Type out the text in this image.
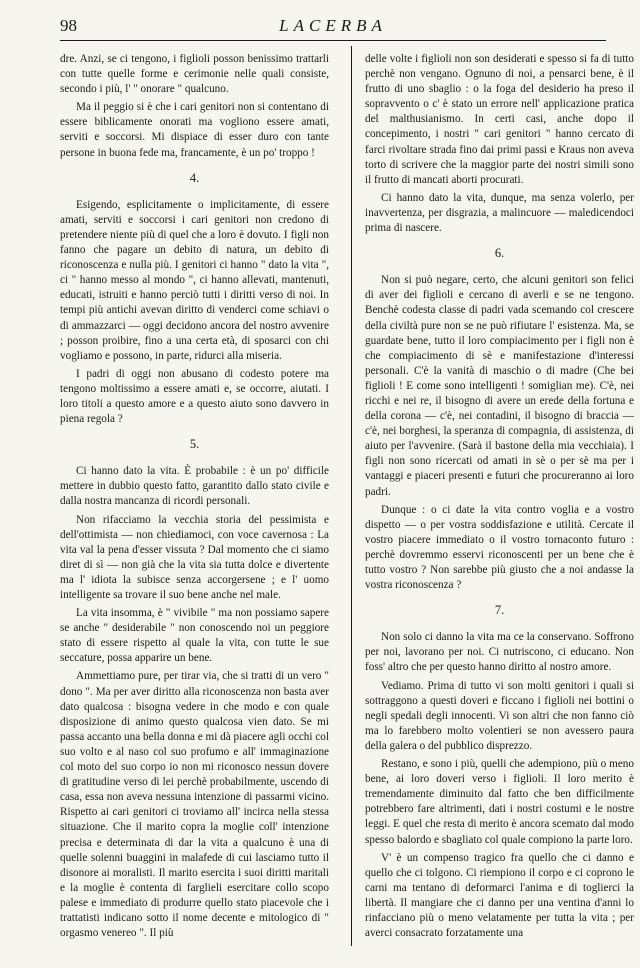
98	LACERBA

dre. Anzi, se ci tengono, i figlioli posson benissimo trattarli con tutte quelle forme e cerimonie nelle quali consiste, secondo i più, l' " onorare " qualcuno.

Ma il peggio si è che i cari genitori non si contentano di essere biblicamente onorati ma vogliono essere amati, serviti e soccorsi. Mi dispiace di esser duro con tante persone in buona fede ma, francamente, è un po' troppo !

4.

Esigendo, esplicitamente o implicitamente, di essere amati, serviti e soccorsi i cari genitori non credono di pretendere niente più di quel che a loro è dovuto. I figli non fanno che pagare un debito di natura, un debito di riconoscenza e nulla più. I genitori ci hanno " dato la vita ", ci " hanno messo al mondo ", ci hanno allevati, mantenuti, educati, istruiti e hanno perciò tutti i diritti verso di noi. In tempi più antichi avevan diritto di venderci come schiavi o di ammazzarci — oggi decidono ancora del nostro avvenire ; posson proibire, fino a una certa età, di sposarci con chi vogliamo e possono, in parte, ridurci alla miseria.

I padri di oggi non abusano di codesto potere ma tengono moltissimo a essere amati e, se occorre, aiutati. I loro titoli a questo amore e a questo aiuto sono davvero in piena regola ?

5.

Ci hanno dato la vita. È probabile : è un po' difficile mettere in dubbio questo fatto, garantito dallo stato civile e dalla nostra mancanza di ricordi personali.

Non rifacciamo la vecchia storia del pessimista e dell'ottimista — non chiediamoci, con voce cavernosa : La vita val la pena d'esser vissuta ? Dal momento che ci siamo diret di sì — non già che la vita sia tutta dolce e divertente ma l' idiota la subisce senza accorgersene ; e l' uomo intelligente sa trovare il suo bene anche nel male.

La vita insomma, è " vivibile " ma non possiamo sapere se anche " desiderabile " non conoscendo noi un peggiore stato di essere rispetto al quale la vita, con tutte le sue seccature, possa apparire un bene.

Ammettiamo pure, per tirar via, che si tratti di un vero " dono ". Ma per aver diritto alla riconoscenza non basta aver dato qualcosa : bisogna vedere in che modo e con quale disposizione di animo questo qualcosa vien dato. Se mi passa accanto una bella donna e mi dà piacere agli occhi col suo volto e al naso col suo profumo e all' immaginazione col moto del suo corpo io non mi riconosco nessun dovere di gratitudine verso di lei perchè probabilmente, uscendo di casa, essa non aveva nessuna intenzione di passarmi vicino. Rispetto ai cari genitori ci troviamo all' incirca nella stessa situazione. Che il marito copra la moglie coll' intenzione precisa e determinata di dar la vita a qualcuno è una di quelle solenni buaggini in malafede di cui lasciamo tutto il disonore ai moralisti. Il marito esercita i suoi diritti maritali e la moglie è contenta di farglieli esercitare collo scopo palese e immediato di produrre quello stato piacevole che i trattatisti indicano sotto il nome decente e mitologico di " orgasmo venereo ". Il più

delle volte i figlioli non son desiderati e spesso si fa di tutto perchè non vengano. Ognuno di noi, a pensarci bene, è il frutto di uno sbaglio : o la foga del desiderio ha preso il sopravvento o c' è stato un errore nell' applicazione pratica del malthusianismo. In certi casi, anche dopo il concepimento, i nostri " cari genitori " hanno cercato di farci rivoltare strada fino dai primi passi e Kraus non aveva torto di scrivere che la maggior parte dei nostri simili sono il frutto di mancati aborti procurati.

Ci hanno dato la vita, dunque, ma senza volerlo, per inavvertenza, per disgrazia, a malincuore — maledicendoci prima di nascere.

6.

Non si può negare, certo, che alcuni genitori son felici di aver dei figlioli e cercano di averli e se ne tengono. Benchè codesta classe di padri vada scemando col crescere della civiltà pure non se ne può rifiutare l' esistenza. Ma, se guardate bene, tutto il loro compiacimento per i figli non è che compiacimento di sè e manifestazione d'interessi personali. C'è la vanità di maschio o di madre (Che bei figlioli ! E come sono intelligenti ! somiglian me). C'è, nei ricchi e nei re, il bisogno di avere un erede della fortuna e della corona — c'è, nei contadini, il bisogno di braccia — c'è, nei borghesi, la speranza di compagnia, di assistenza, di aiuto per l'avvenire. (Sarà il bastone della mia vecchiaia). I figli non sono ricercati od amati in sè o per sè ma per i vantaggi e piaceri presenti e futuri che procureranno ai loro padri.

Dunque : o ci date la vita contro voglia e a vostro dispetto — o per vostra soddisfazione e utilità. Cercate il vostro piacere immediato o il vostro tornaconto futuro : perchè dovremmo esservi riconoscenti per un bene che è tutto vostro ? Non sarebbe più giusto che a noi andasse la vostra riconoscenza ?

7.

Non solo ci danno la vita ma ce la conservano. Soffrono per noi, lavorano per noi. Ci nutriscono, ci educano. Non foss' altro che per questo hanno diritto al nostro amore.

Vediamo. Prima di tutto vi son molti genitori i quali si sottraggono a questi doveri e ficcano i figlioli nei bottini o negli spedali degli innocenti. Vi son altri che non fanno ciò ma lo farebbero molto volentieri se non avessero paura della galera o del pubblico disprezzo.

Restano, e sono i più, quelli che adempiono, più o meno bene, ai loro doveri verso i figlioli. Il loro merito è tremendamente diminuito dal fatto che ben difficilmente potrebbero fare altrimenti, dati i nostri costumi e le nostre leggi. E quel che resta di merito è ancora scemato dal modo spesso balordo e sbagliato col quale compiono la parte loro.

V' è un compenso tragico fra quello che ci danno e quello che ci tolgono. Ci riempiono il corpo e ci coprono le carni ma tentano di deformarci l'anima e di toglierci la libertà. Il mangiare che ci danno per una ventina d'anni lo rinfacciano più o meno velatamente per tutta la vita ; per averci consacrato forzatamente una
